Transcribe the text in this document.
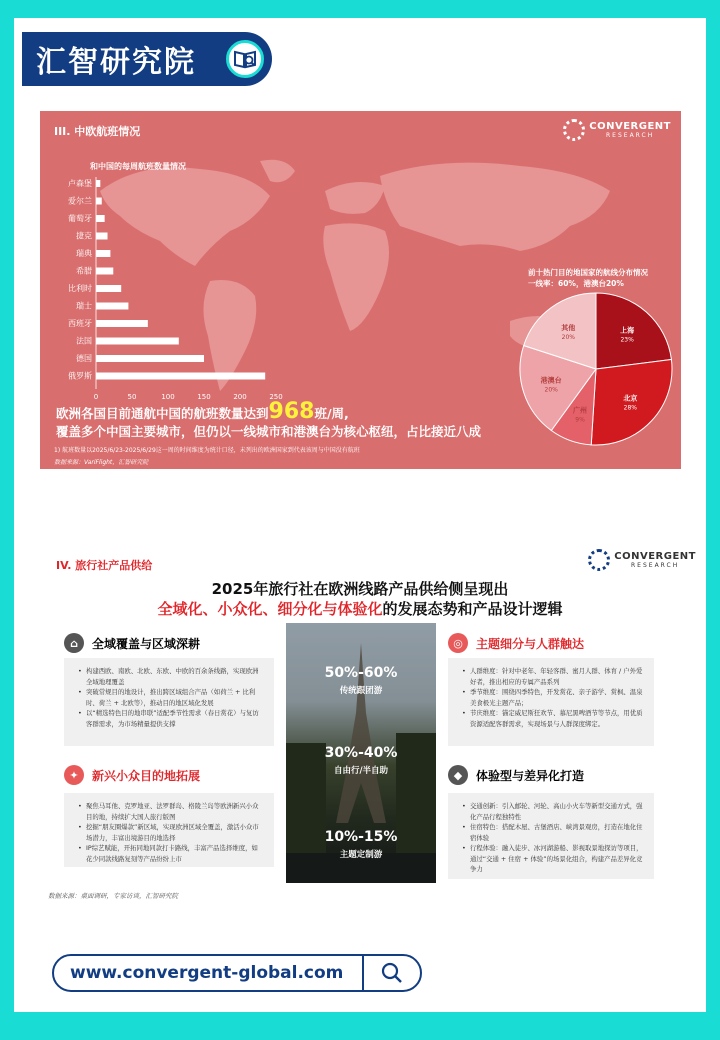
汇智研究院
III. 中欧航班情况	CONVERGENT
RESEARCH
和中国的每周航班数量情况
卢森堡
爱尔兰
葡萄牙
捷克
瑞典
希腊
比利时
瑞士
西班牙
法国
德国
俄罗斯
0	50	100	150	200	250
前十热门目的地国家的航线分布情况
一线率：60%，港澳台20%
上海
23%
北京
28%
广州
9%
港澳台
20%
其他
20%
欧洲各国目前通航中国的航班数量达到968班/周,
覆盖多个中国主要城市，但仍以一线城市和港澳台为核心枢纽，占比接近八成
1) 航班数量以2025/6/23-2025/6/29这一周的时间维度为统计口径，未列出的欧洲国家到代表该周与中国没有航班
数据来源：VariFlight，汇智研究院
IV. 旅行社产品供给
CONVERGENT
RESEARCH
2025年旅行社在欧洲线路产品供给侧呈现出
全域化、小众化、细分化与体验化的发展态势和产品设计逻辑
⌂	全域覆盖与区域深耕
• 构建西欧、南欧、北欧、东欧、中欧的百余条线路，实现欧洲全域地理覆盖
• 突破常规目的地设计，推出跨区域组合产品（如荷兰 + 比利时、荷兰 + 北欧等），推动目的地区域化发展
• 以“精选特色目的地串联”适配季节性需求（春日赏花）与复访客群需求，为市场精量提供支撑
✦	新兴小众目的地拓展
• 聚焦马耳他、克罗地亚、法罗群岛、格陵兰岛等欧洲新兴小众目的地，持续扩大国人旅行版图
• 挖掘“朋友圈爆款”新区域，实现欧洲区域全覆盖，激活小众市场潜力，丰富出境游目的地选择
• IP综艺赋能，开拓同地同款打卡路线，丰富产品选择维度，如花少同款线路复刻等产品纷纷上市
50%-60%
传统跟团游
30%-40%
自由行/半自助
10%-15%
主题定制游
◎	主题细分与人群触达
• 人群维度：针对中老年、年轻客群、蜜月人群、体育 / 户外爱好者，推出相应的专属产品系列
• 季节维度：围绕四季特色，开发赏花、亲子游学、赏枫、温泉美食极光主题产品；
• 节庆维度：锚定威尼斯狂欢节、慕尼黑啤酒节等节点，用优质资源适配客群需求，实现场景与人群深度绑定。
◆	体验型与差异化打造
• 交通创新：引入邮轮、河轮、高山小火车等新型交通方式，强化产品行程独特性
• 住宿特色：搭配木屋、古堡酒店、峡湾景观房，打造在地化住宿体验
• 行程体验：融入徒步、冰河湖游船、影视取景地探访等项目，通过“交通 + 住宿 + 体验”的场景化组合，构建产品差异化竞争力
数据来源：桌面调研，专家访谈，汇智研究院
www.convergent-global.com
